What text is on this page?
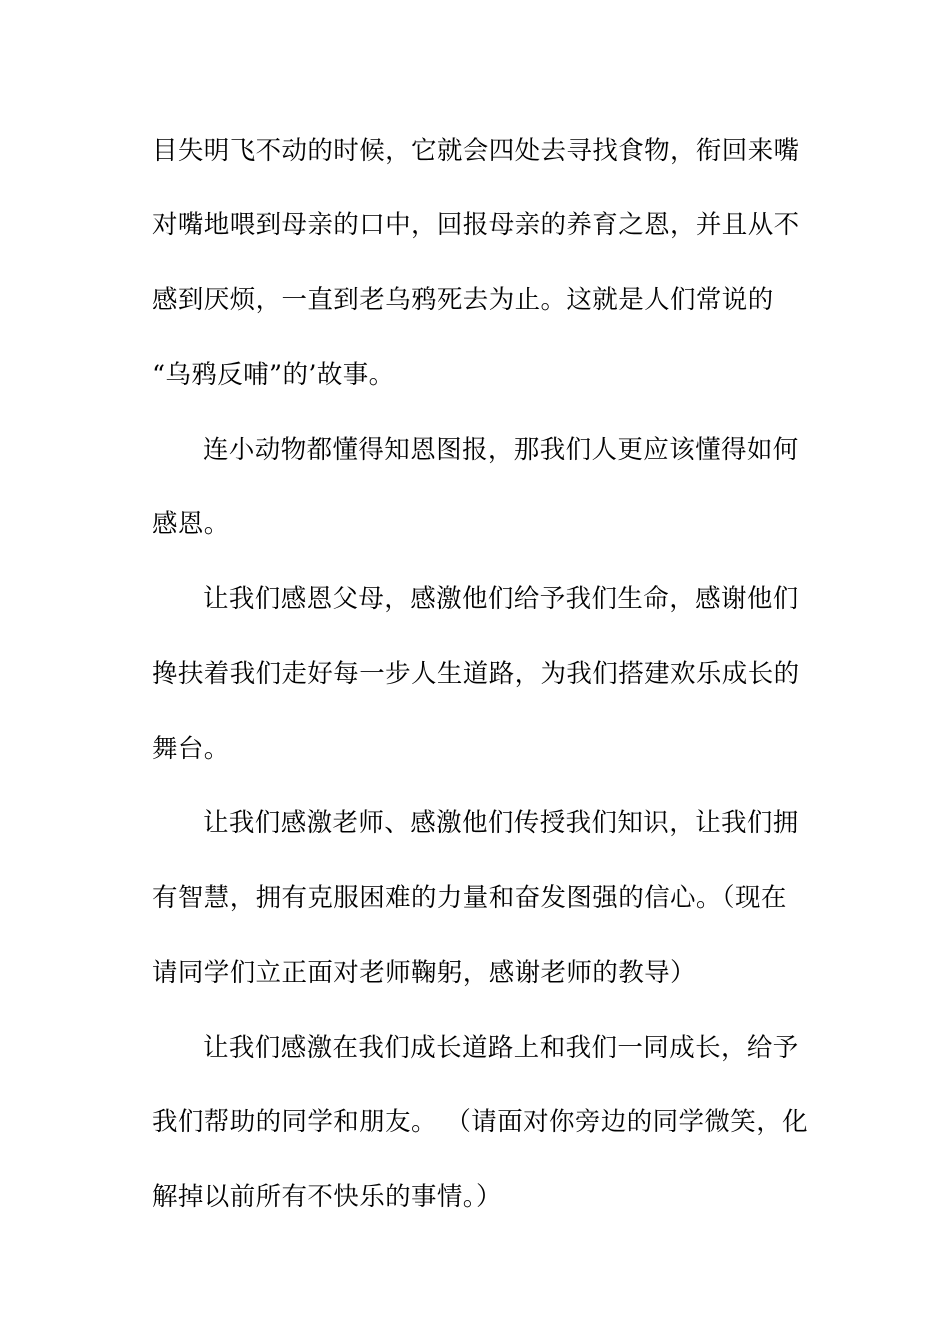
目失明飞不动的时候，它就会四处去寻找食物，衔回来嘴
对嘴地喂到母亲的口中，回报母亲的养育之恩，并且从不
感到厌烦，一直到老乌鸦死去为止。这就是人们常说的
“乌鸦反哺”的’故事。
连小动物都懂得知恩图报，那我们人更应该懂得如何
感恩。
让我们感恩父母，感激他们给予我们生命，感谢他们
搀扶着我们走好每一步人生道路，为我们搭建欢乐成长的
舞台。
让我们感激老师、感激他们传授我们知识，让我们拥
有智慧，拥有克服困难的力量和奋发图强的信心。（现在
请同学们立正面对老师鞠躬，感谢老师的教导）
让我们感激在我们成长道路上和我们一同成长，给予
我们帮助的同学和朋友。 （请面对你旁边的同学微笑，化
解掉以前所有不快乐的事情。）
